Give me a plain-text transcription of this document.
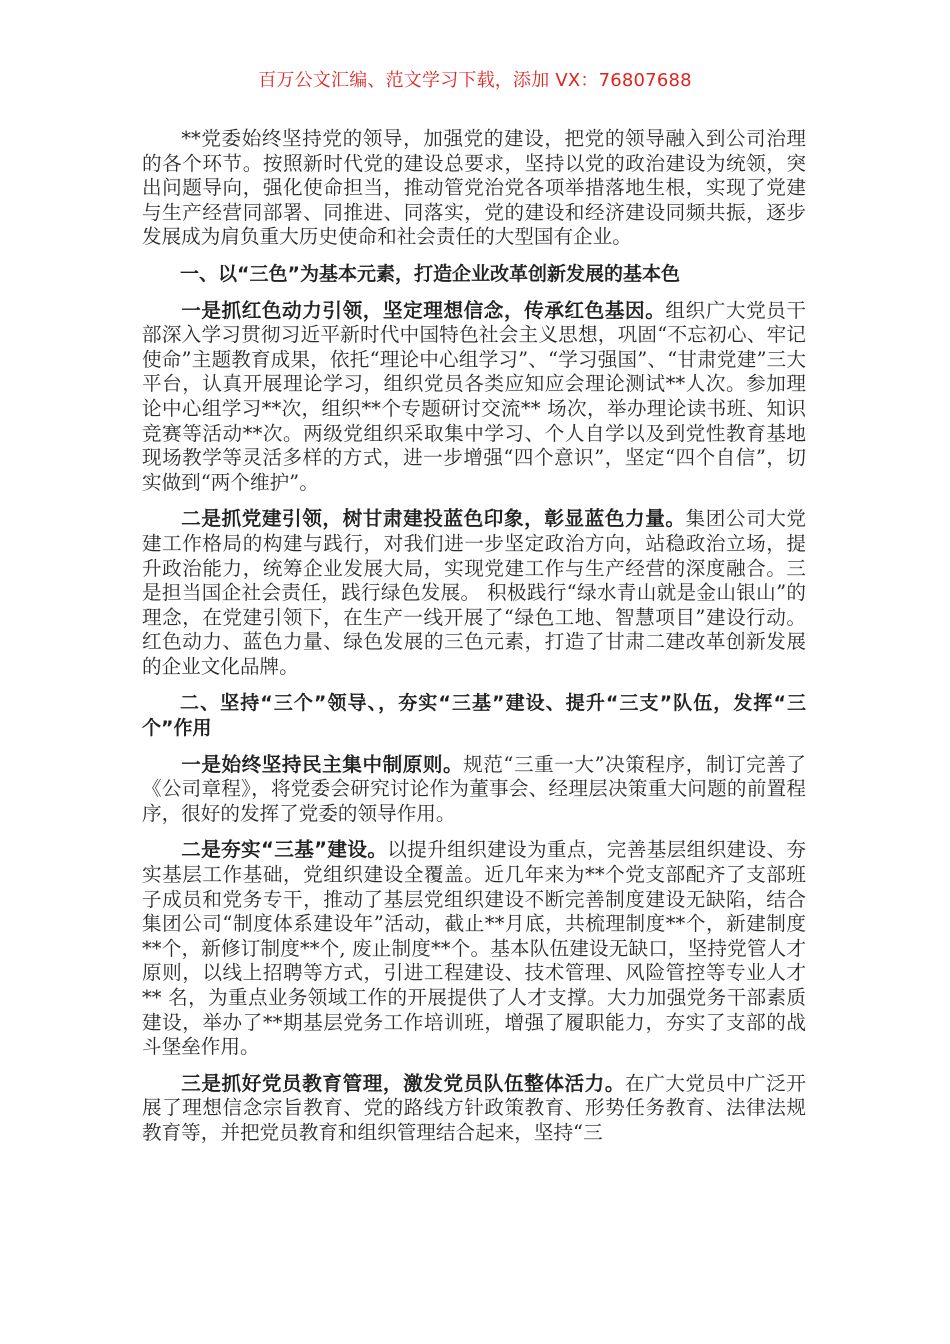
百万公文汇编、范文学习下载，添加 VX：76807688

**党委始终坚持党的领导，加强党的建设，把党的领导融入到公司治理的各个环节。按照新时代党的建设总要求，坚持以党的政治建设为统领，突出问题导向，强化使命担当，推动管党治党各项举措落地生根，实现了党建与生产经营同部署、同推进、同落实，党的建设和经济建设同频共振，逐步发展成为肩负重大历史使命和社会责任的大型国有企业。

一、以“三色”为基本元素，打造企业改革创新发展的基本色

一是抓红色动力引领，坚定理想信念，传承红色基因。组织广大党员干部深入学习贯彻习近平新时代中国特色社会主义思想，巩固“不忘初心、牢记使命”主题教育成果，依托“理论中心组学习”、“学习强国”、“甘肃党建”三大平台，认真开展理论学习，组织党员各类应知应会理论测试**人次。参加理论中心组学习**次，组织**个专题研讨交流** 场次，举办理论读书班、知识竞赛等活动**次。两级党组织采取集中学习、个人自学以及到党性教育基地现场教学等灵活多样的方式，进一步增强“四个意识”，坚定“四个自信”，切实做到“两个维护”。

二是抓党建引领，树甘肃建投蓝色印象，彰显蓝色力量。集团公司大党建工作格局的构建与践行，对我们进一步坚定政治方向，站稳政治立场，提升政治能力，统筹企业发展大局，实现党建工作与生产经营的深度融合。三是担当国企社会责任，践行绿色发展。 积极践行“绿水青山就是金山银山”的理念，在党建引领下，在生产一线开展了“绿色工地、智慧项目”建设行动。红色动力、蓝色力量、绿色发展的三色元素，打造了甘肃二建改革创新发展的企业文化品牌。

二、坚持“三个”领导、，夯实“三基”建设、提升“三支”队伍，发挥“三个”作用

一是始终坚持民主集中制原则。规范“三重一大”决策程序，制订完善了《公司章程》，将党委会研究讨论作为董事会、经理层决策重大问题的前置程序，很好的发挥了党委的领导作用。

二是夯实“三基”建设。以提升组织建设为重点，完善基层组织建设、夯实基层工作基础，党组织建设全覆盖。近几年来为**个党支部配齐了支部班子成员和党务专干，推动了基层党组织建设不断完善制度建设无缺陷，结合集团公司“制度体系建设年”活动，截止**月底，共梳理制度**个，新建制度**个，新修订制度**个, 废止制度**个。基本队伍建设无缺口，坚持党管人才原则，以线上招聘等方式，引进工程建设、技术管理、风险管控等专业人才** 名，为重点业务领域工作的开展提供了人才支撑。大力加强党务干部素质建设，举办了**期基层党务工作培训班，增强了履职能力，夯实了支部的战斗堡垒作用。

三是抓好党员教育管理，激发党员队伍整体活力。在广大党员中广泛开展了理想信念宗旨教育、党的路线方针政策教育、形势任务教育、法律法规教育等，并把党员教育和组织管理结合起来，坚持“三
